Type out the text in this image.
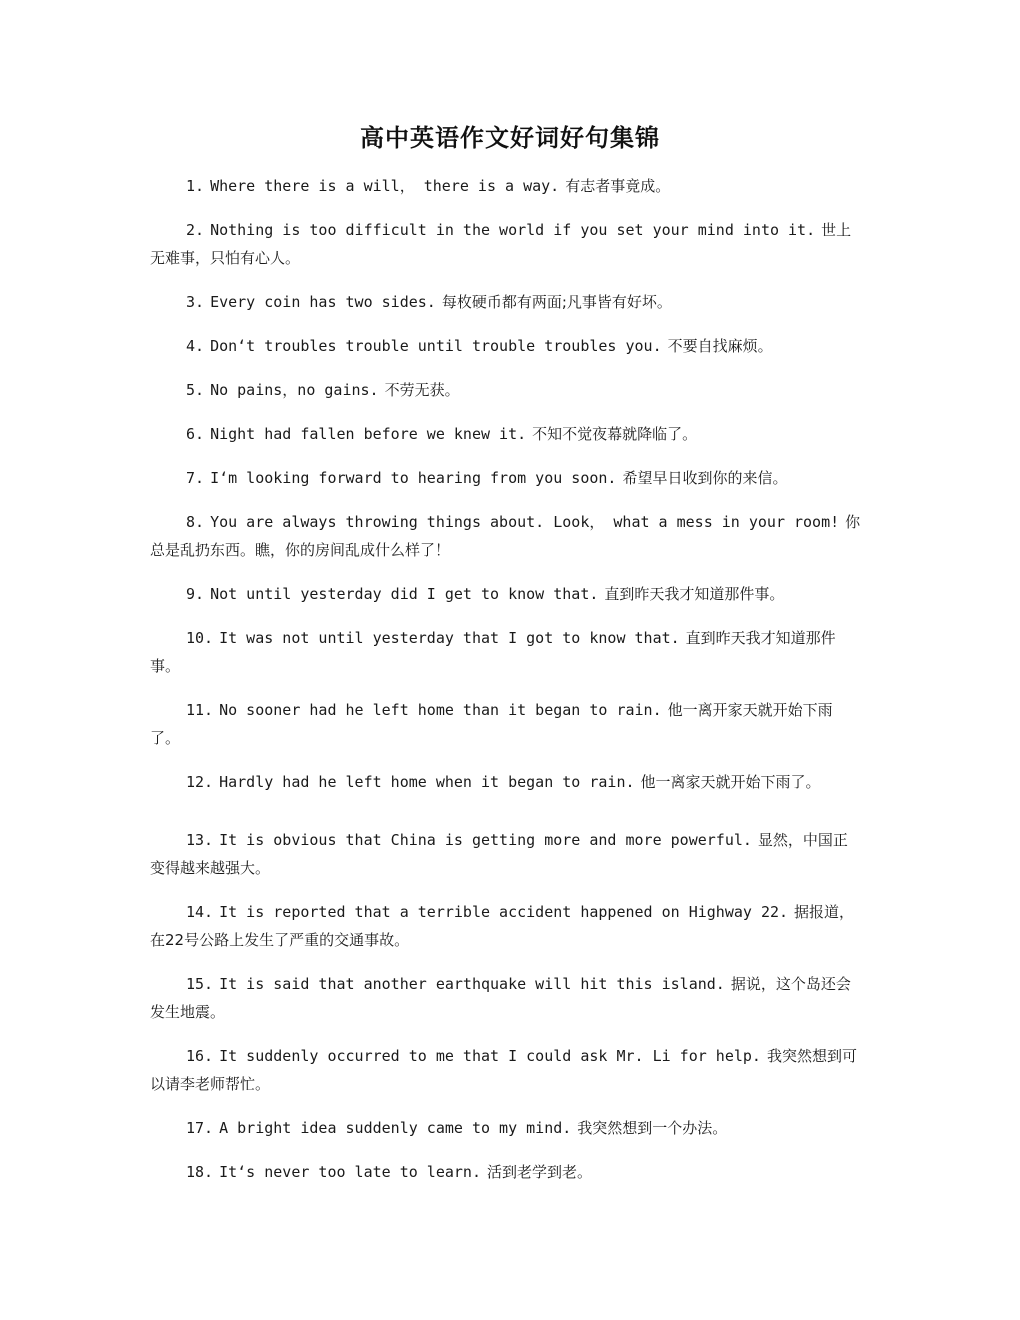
高中英语作文好词好句集锦

1. Where there is a will， there is a way. 有志者事竟成。

2. Nothing is too difficult in the world if you set your mind into it. 世上无难事，只怕有心人。

3. Every coin has two sides. 每枚硬币都有两面;凡事皆有好坏。

4. Don‘t troubles trouble until trouble troubles you. 不要自找麻烦。

5. No pains，no gains. 不劳无获。

6. Night had fallen before we knew it. 不知不觉夜幕就降临了。

7. I‘m looking forward to hearing from you soon. 希望早日收到你的来信。

8. You are always throwing things about. Look， what a mess in your room! 你总是乱扔东西。瞧，你的房间乱成什么样了！

9. Not until yesterday did I get to know that. 直到昨天我才知道那件事。

10. It was not until yesterday that I got to know that. 直到昨天我才知道那件事。

11. No sooner had he left home than it began to rain. 他一离开家天就开始下雨了。

12. Hardly had he left home when it began to rain. 他一离家天就开始下雨了。

13. It is obvious that China is getting more and more powerful. 显然，中国正变得越来越强大。

14. It is reported that a terrible accident happened on Highway 22. 据报道，在22号公路上发生了严重的交通事故。

15. It is said that another earthquake will hit this island. 据说，这个岛还会发生地震。

16. It suddenly occurred to me that I could ask Mr. Li for help. 我突然想到可以请李老师帮忙。

17. A bright idea suddenly came to my mind. 我突然想到一个办法。

18. It‘s never too late to learn. 活到老学到老。
